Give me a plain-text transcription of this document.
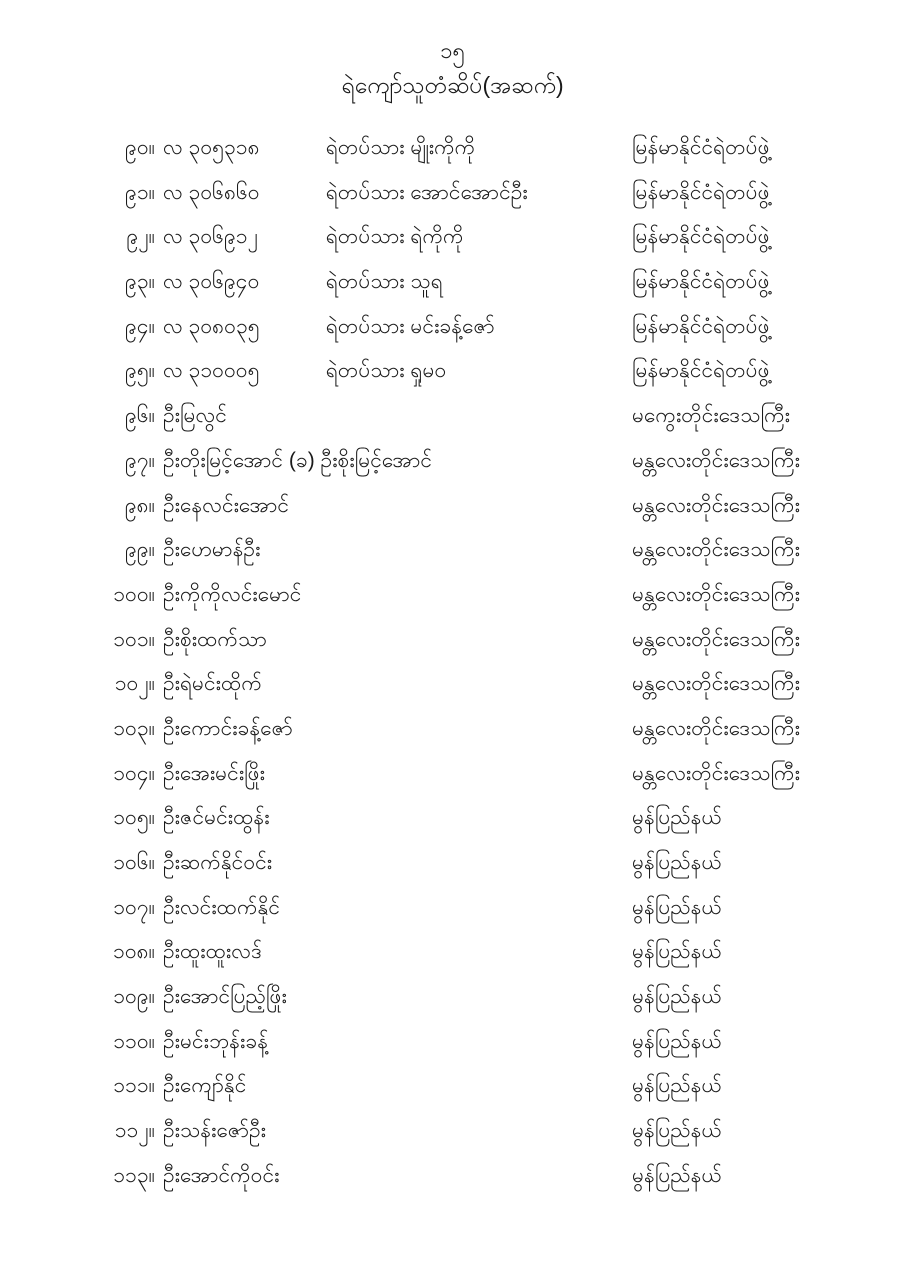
၁၅
ရဲကျော်သူတံဆိပ်(အဆက်)
၉၀။ လ ၃၀၅၃၁၈	ရဲတပ်သား မျိုးကိုကို	မြန်မာနိုင်ငံရဲတပ်ဖွဲ့
၉၁။ လ ၃၀၆၈၆၀	ရဲတပ်သား အောင်အောင်ဦး	မြန်မာနိုင်ငံရဲတပ်ဖွဲ့
၉၂။ လ ၃၀၆၉၁၂	ရဲတပ်သား ရဲကိုကို	မြန်မာနိုင်ငံရဲတပ်ဖွဲ့
၉၃။ လ ၃၀၆၉၄၀	ရဲတပ်သား သူရ	မြန်မာနိုင်ငံရဲတပ်ဖွဲ့
၉၄။ လ ၃၀၈၀၃၅	ရဲတပ်သား မင်းခန့်ဇော်	မြန်မာနိုင်ငံရဲတပ်ဖွဲ့
၉၅။ လ ၃၁၀၀၀၅	ရဲတပ်သား ရှုမဝ	မြန်မာနိုင်ငံရဲတပ်ဖွဲ့
၉၆။ ဦးမြလွင်	မကွေးတိုင်းဒေသကြီး
၉၇။ ဦးတိုးမြင့်အောင် (ခ) ဦးစိုးမြင့်အောင်	မန္တလေးတိုင်းဒေသကြီး
၉၈။ ဦးနေလင်းအောင်	မန္တလေးတိုင်းဒေသကြီး
၉၉။ ဦးဟေမာန်ဦး	မန္တလေးတိုင်းဒေသကြီး
၁၀၀။ ဦးကိုကိုလင်းမောင်	မန္တလေးတိုင်းဒေသကြီး
၁၀၁။ ဦးစိုးထက်သာ	မန္တလေးတိုင်းဒေသကြီး
၁၀၂။ ဦးရဲမင်းထိုက်	မန္တလေးတိုင်းဒေသကြီး
၁၀၃။ ဦးကောင်းခန့်ဇော်	မန္တလေးတိုင်းဒေသကြီး
၁၀၄။ ဦးအေးမင်းဖြိုး	မန္တလေးတိုင်းဒေသကြီး
၁၀၅။ ဦးဇင်မင်းထွန်း	မွန်ပြည်နယ်
၁၀၆။ ဦးဆက်နိုင်ဝင်း	မွန်ပြည်နယ်
၁၀၇။ ဦးလင်းထက်နိုင်	မွန်ပြည်နယ်
၁၀၈။ ဦးထူးထူးလဒ်	မွန်ပြည်နယ်
၁၀၉။ ဦးအောင်ပြည့်ဖြိုး	မွန်ပြည်နယ်
၁၁၀။ ဦးမင်းဘုန်းခန့်	မွန်ပြည်နယ်
၁၁၁။ ဦးကျော်နိုင်	မွန်ပြည်နယ်
၁၁၂။ ဦးသန်းဇော်ဦး	မွန်ပြည်နယ်
၁၁၃။ ဦးအောင်ကိုဝင်း	မွန်ပြည်နယ်
